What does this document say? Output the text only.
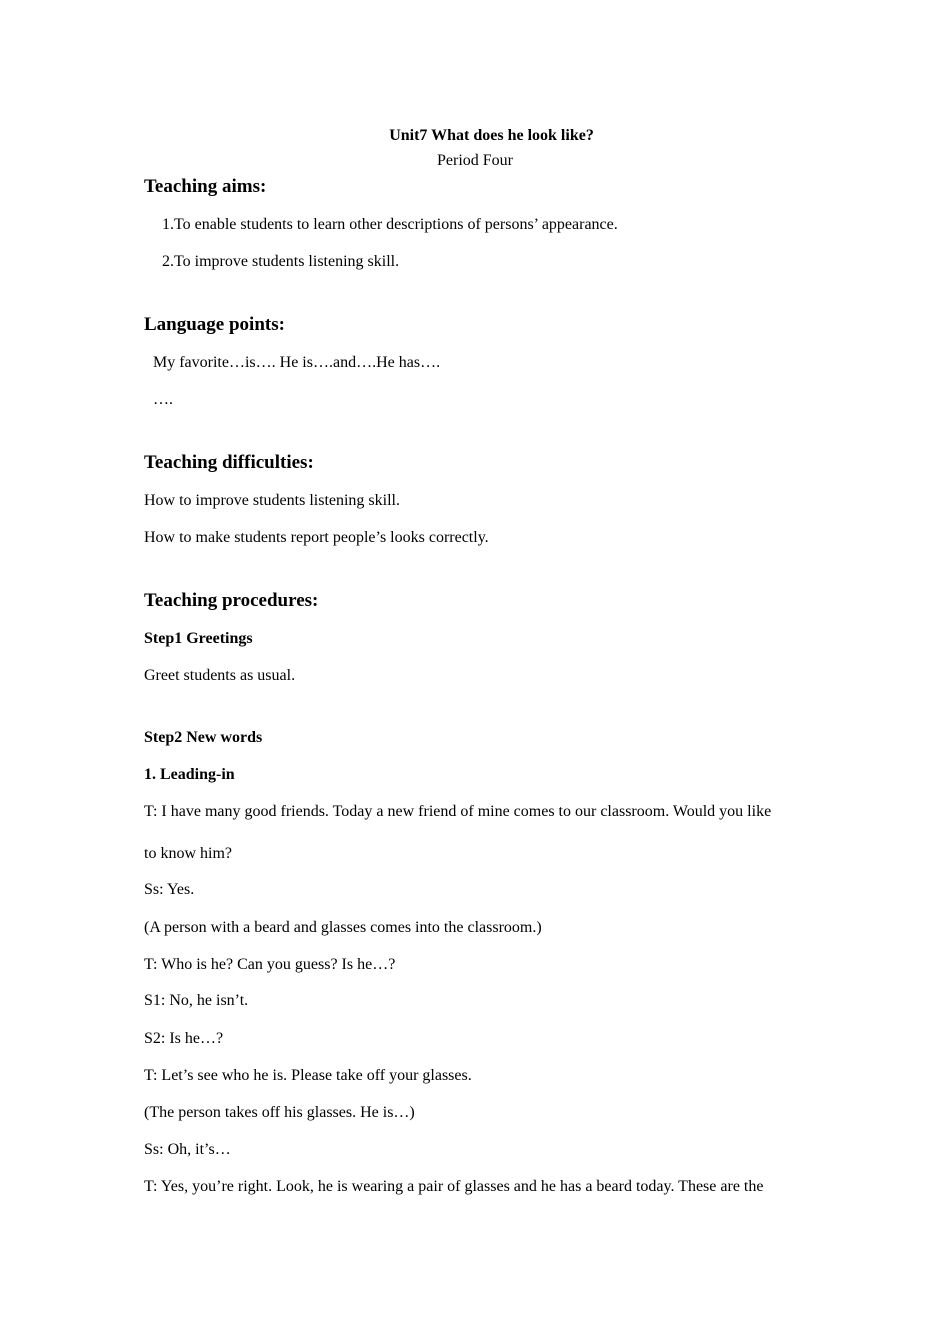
Unit7 What does he look like?

Period Four

Teaching aims:

1.To enable students to learn other descriptions of persons’ appearance.

2.To improve students listening skill.

Language points:

My favorite…is…. He is….and….He has….

….

Teaching difficulties:

How to improve students listening skill.

How to make students report people’s looks correctly.

Teaching procedures:

Step1 Greetings

Greet students as usual.

Step2 New words

1. Leading-in

T: I have many good friends. Today a new friend of mine comes to our classroom. Would you like

to know him?

Ss: Yes.

(A person with a beard and glasses comes into the classroom.)

T: Who is he? Can you guess? Is he…?

S1: No, he isn’t.

S2: Is he…?

T: Let’s see who he is. Please take off your glasses.

(The person takes off his glasses. He is…)

Ss: Oh, it’s…

T: Yes, you’re right. Look, he is wearing a pair of glasses and he has a beard today. These are the
